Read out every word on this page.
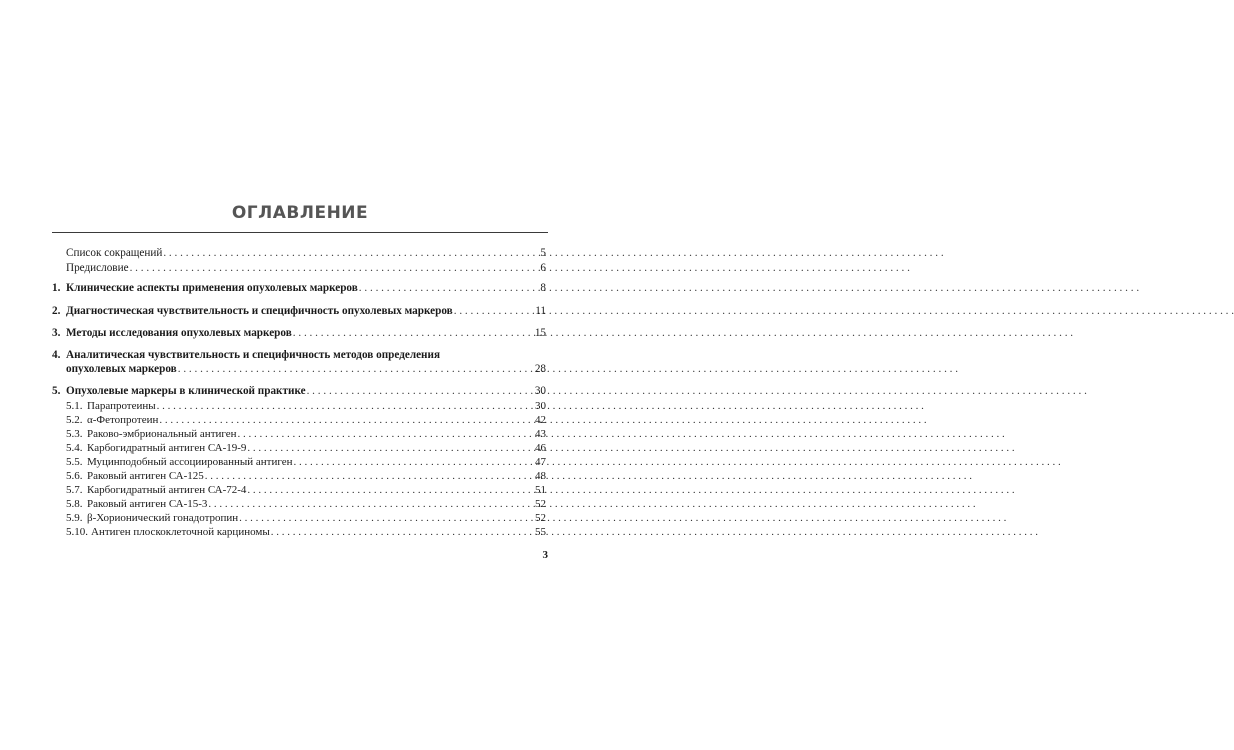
ОГЛАВЛЕНИЕ
Список сокращений . . .	5
Предисловие . . .	6
1. Клинические аспекты применения опухолевых маркеров . . .	8
2. Диагностическая чувствительность и специфичность опухолевых маркеров . . .	11
3. Методы исследования опухолевых маркеров . . .	15
4. Аналитическая чувствительность и специфичность методов определения
опухолевых маркеров . . .	28
5. Опухолевые маркеры в клинической практике . . .	30
5.1. Парапротеины . . .	30
5.2. α-Фетопротеин . . .	42
5.3. Раково-эмбриональный антиген . . .	43
5.4. Карбогидратный антиген СА-19-9 . . .	46
5.5. Муцинподобный ассоциированный антиген . . .	47
5.6. Раковый антиген СА-125 . . .	48
5.7. Карбогидратный антиген СА-72-4 . . .	51
5.8. Раковый антиген СА-15-3 . . .	52
5.9. β-Хорионический гонадотропин . . .	52
5.10. Антиген плоскоклеточной карциномы . . .	55
3
